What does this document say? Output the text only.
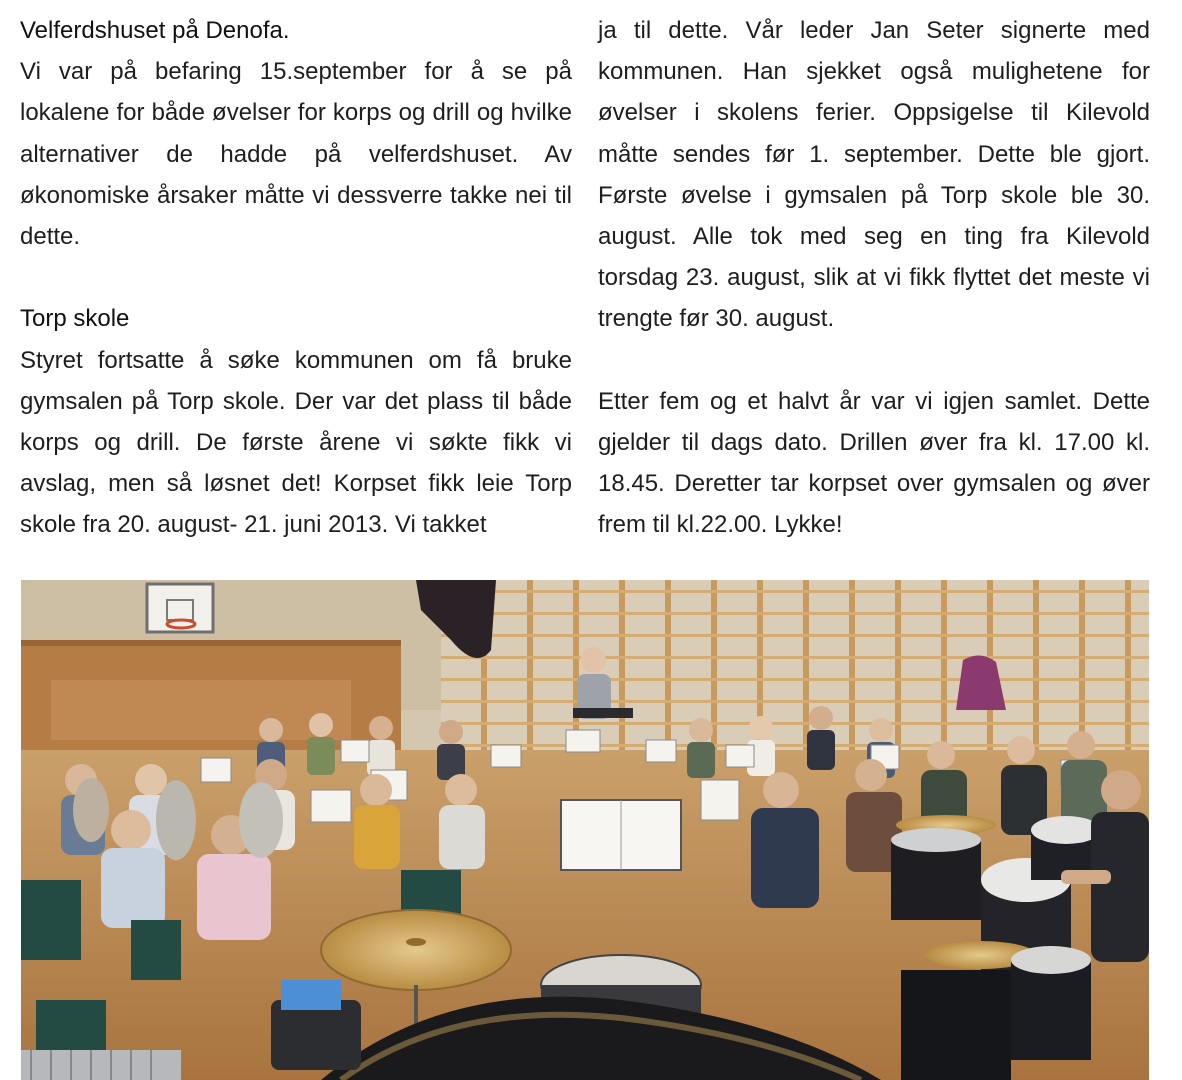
Velferdshuset på Denofa.

Vi var på befaring 15.september for å se på lokalene for både øvelser for korps og drill og hvilke alternativer de hadde på velferdshuset. Av økonomiske årsaker måtte vi dessverre takke nei til dette.

Torp skole

Styret fortsatte å søke kommunen om få bruke gymsalen på Torp skole. Der var det plass til både korps og drill. De første årene vi søkte fikk vi avslag, men så løsnet det! Korpset fikk leie Torp skole fra 20. august- 21. juni 2013. Vi takket

ja til dette. Vår leder Jan Seter signerte med kommunen. Han sjekket også mulighetene for øvelser i skolens ferier. Oppsigelse til Kilevold måtte sendes før 1. september. Dette ble gjort. Første øvelse i gymsalen på Torp skole ble 30. august. Alle tok med seg en ting fra Kilevold torsdag 23. august, slik at vi fikk flyttet det meste vi trengte før 30. august.

Etter fem og et halvt år var vi igjen samlet. Dette gjelder til dags dato. Drillen øver fra kl. 17.00 kl. 18.45. Deretter tar korpset over gymsalen og øver frem til kl.22.00. Lykke!
